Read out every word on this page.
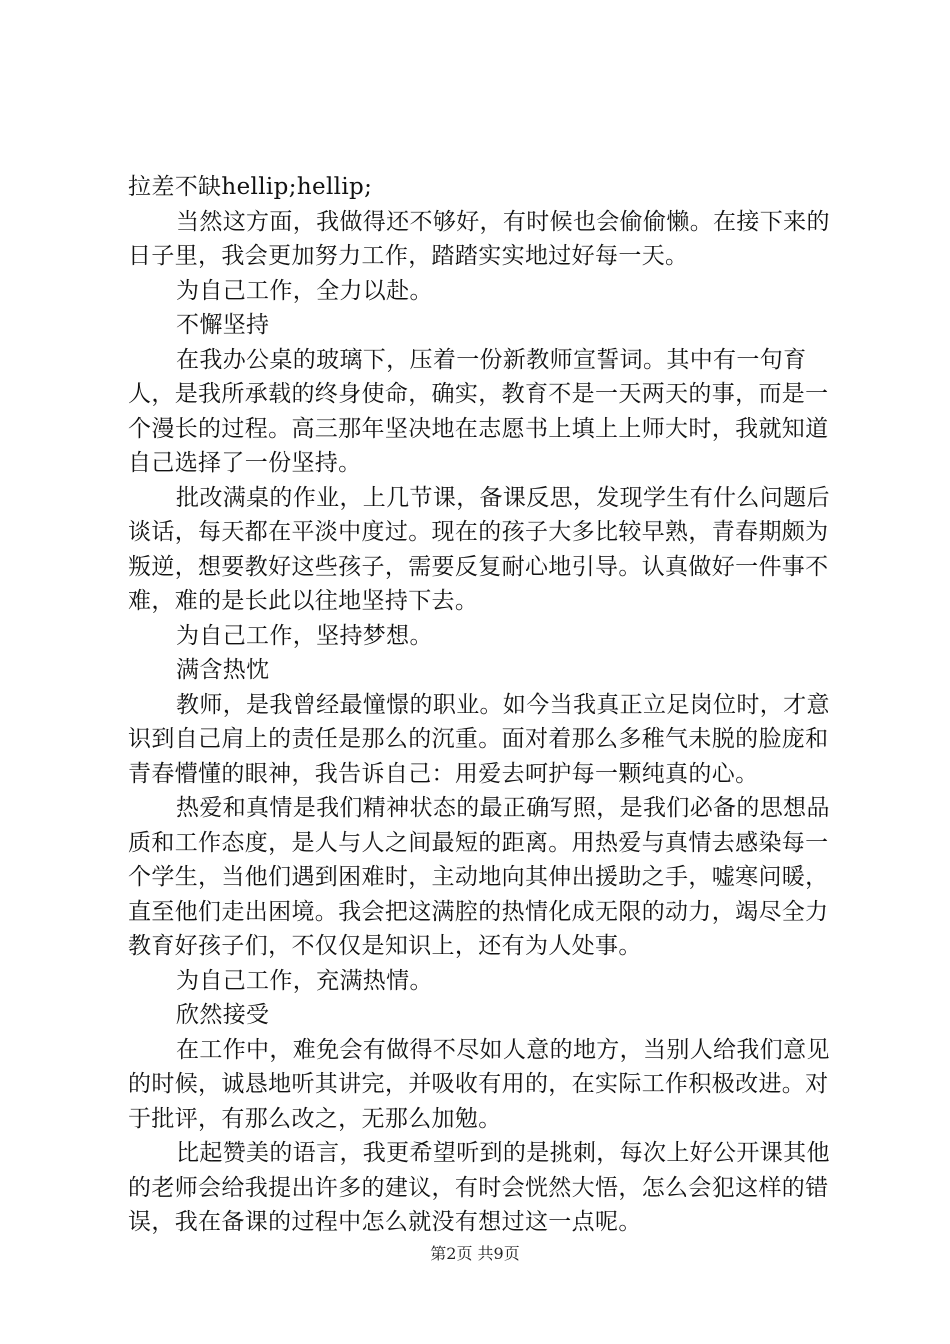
拉差不缺hellip;hellip;

当然这方面，我做得还不够好，有时候也会偷偷懒。在接下来的日子里，我会更加努力工作，踏踏实实地过好每一天。

为自己工作，全力以赴。

不懈坚持

在我办公桌的玻璃下，压着一份新教师宣誓词。其中有一句育人，是我所承载的终身使命，确实，教育不是一天两天的事，而是一个漫长的过程。高三那年坚决地在志愿书上填上上师大时，我就知道自己选择了一份坚持。

批改满桌的作业，上几节课，备课反思，发现学生有什么问题后谈话，每天都在平淡中度过。现在的孩子大多比较早熟，青春期颇为叛逆，想要教好这些孩子，需要反复耐心地引导。认真做好一件事不难，难的是长此以往地坚持下去。

为自己工作，坚持梦想。

满含热忱

教师，是我曾经最憧憬的职业。如今当我真正立足岗位时，才意识到自己肩上的责任是那么的沉重。面对着那么多稚气未脱的脸庞和青春懵懂的眼神，我告诉自己：用爱去呵护每一颗纯真的心。

热爱和真情是我们精神状态的最正确写照，是我们必备的思想品质和工作态度，是人与人之间最短的距离。用热爱与真情去感染每一个学生，当他们遇到困难时，主动地向其伸出援助之手，嘘寒问暖，直至他们走出困境。我会把这满腔的热情化成无限的动力，竭尽全力教育好孩子们，不仅仅是知识上，还有为人处事。

为自己工作，充满热情。

欣然接受

在工作中，难免会有做得不尽如人意的地方，当别人给我们意见的时候，诚恳地听其讲完，并吸收有用的，在实际工作积极改进。对于批评，有那么改之，无那么加勉。

比起赞美的语言，我更希望听到的是挑刺，每次上好公开课其他的老师会给我提出许多的建议，有时会恍然大悟，怎么会犯这样的错误，我在备课的过程中怎么就没有想过这一点呢。

第2页 共9页
